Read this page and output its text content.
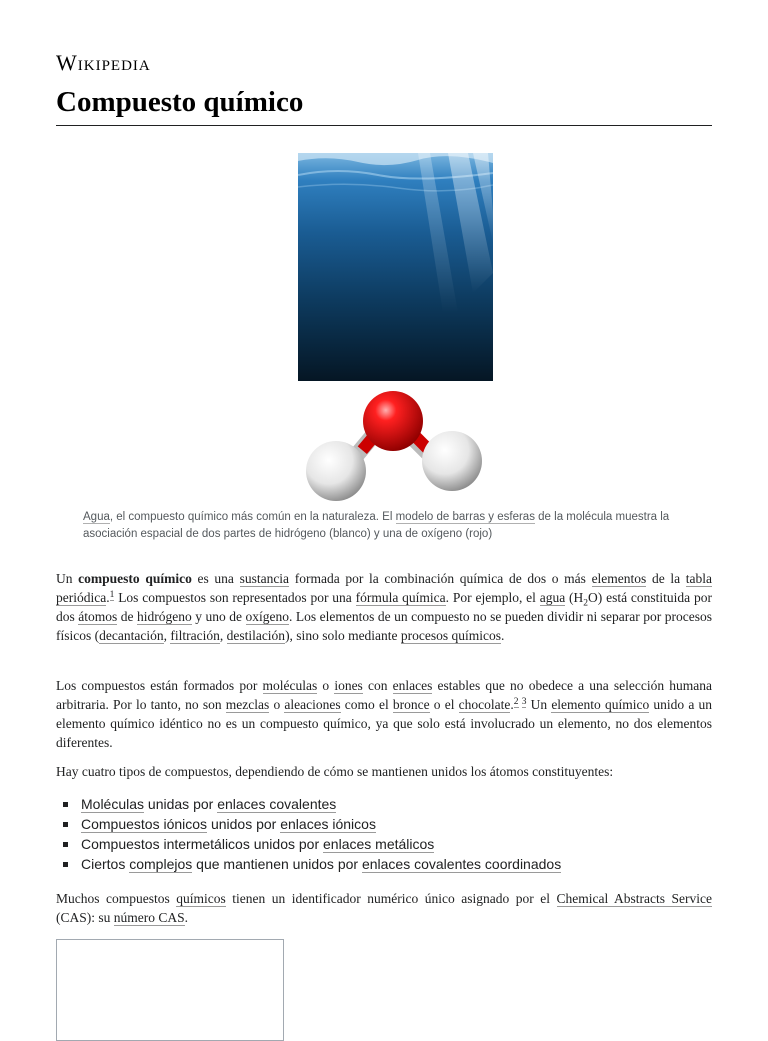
Wikipedia
Compuesto químico
Agua, el compuesto químico más común en la naturaleza. El modelo de barras y esferas de la molécula muestra la asociación espacial de dos partes de hidrógeno (blanco) y una de oxígeno (rojo)

Un compuesto químico es una sustancia formada por la combinación química de dos o más elementos de la tabla periódica.$^1$ Los compuestos son representados por una fórmula química. Por ejemplo, el agua $(H_2O)$ está constituida por dos átomos de hidrógeno y uno de oxígeno. Los elementos de un compuesto no se pueden dividir ni separar por procesos físicos (decantación, filtración, destilación), sino solo mediante procesos químicos.

Los compuestos están formados por moléculas o iones con enlaces estables que no obedece a una selección humana arbitraria. Por lo tanto, no son mezclas o aleaciones como el bronce o el chocolate.$^{2 3}$ Un elemento químico unido a un elemento químico idéntico no es un compuesto químico, ya que solo está involucrado un elemento, no dos elementos diferentes.

Hay cuatro tipos de compuestos, dependiendo de cómo se mantienen unidos los átomos constituyentes:

Moléculas unidas por enlaces covalentes
Compuestos iónicos unidos por enlaces iónicos
Compuestos intermetálicos unidos por enlaces metálicos
Ciertos complejos que mantienen unidos por enlaces covalentes coordinados

Muchos compuestos químicos tienen un identificador numérico único asignado por el Chemical Abstracts Service (CAS): su número CAS.
